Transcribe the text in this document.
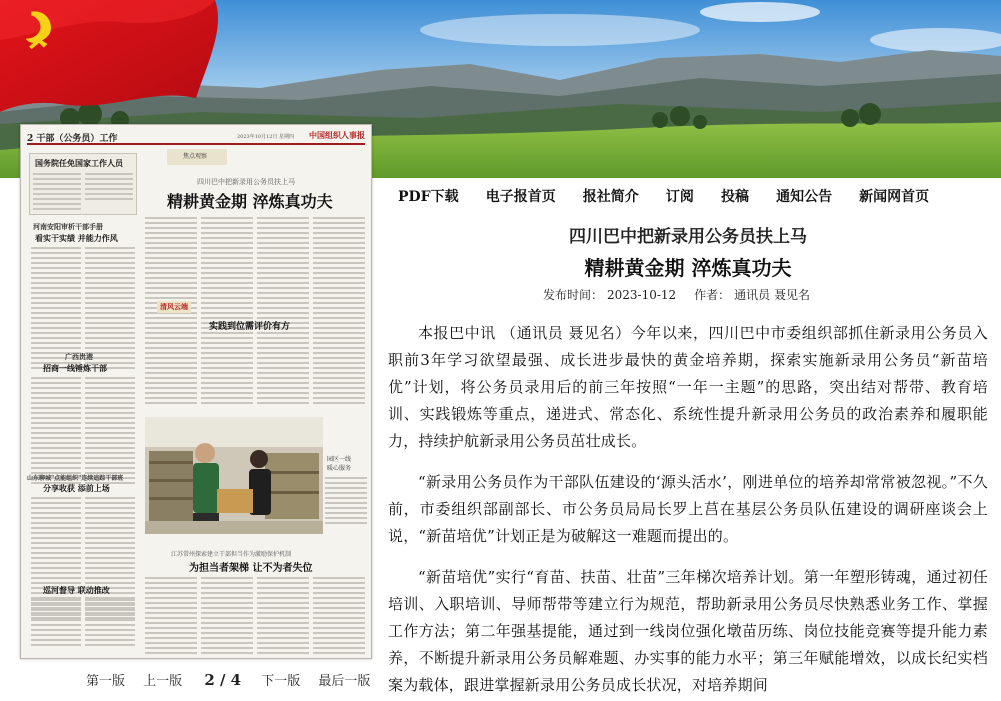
2 干部（公务员）工作	2023年10月12日 星期四 中国组织人事报
国务院任免国家工作人员
河南安阳审析干部手册
看实干实绩 并能力作风
广西贵港
招商一线锤炼干部
山东聊城"点能组织"连续追踪干部班
分享收获 添前上场
巡河督导 联动推改
焦点观察
四川巴中把新录用公务员扶上马
精耕黄金期 淬炼真功夫
清风云端
实践到位需评价有方
园区一线
暖心服务
江苏常州探索建立干部担当作为激励保护机制
为担当者架梯 让不为者失位
第一版 上一版 2 / 4 下一版 最后一版
PDF下载 电子报首页 报社简介 订阅 投稿 通知公告 新闻网首页
四川巴中把新录用公务员扶上马
精耕黄金期 淬炼真功夫
发布时间： 2023-10-12 作者： 通讯员 聂见名

本报巴中讯 （通讯员 聂见名）今年以来，四川巴中市委组织部抓住新录用公务员入职前3年学习欲望最强、成长进步最快的黄金培养期，探索实施新录用公务员“新苗培优”计划，将公务员录用后的前三年按照“一年一主题”的思路，突出结对帮带、教育培训、实践锻炼等重点，递进式、常态化、系统性提升新录用公务员的政治素养和履职能力，持续护航新录用公务员茁壮成长。

“新录用公务员作为干部队伍建设的‘源头活水’，刚进单位的培养却常常被忽视。”不久前，市委组织部副部长、市公务员局局长罗上莒在基层公务员队伍建设的调研座谈会上说，“新苗培优”计划正是为破解这一难题而提出的。

“新苗培优”实行“育苗、扶苗、壮苗”三年梯次培养计划。第一年塑形铸魂，通过初任培训、入职培训、导师帮带等建立行为规范，帮助新录用公务员尽快熟悉业务工作、掌握工作方法；第二年强基提能，通过到一线岗位强化墩苗历练、岗位技能竞赛等提升能力素养，不断提升新录用公务员解难题、办实事的能力水平；第三年赋能增效，以成长纪实档案为载体，跟进掌握新录用公务员成长状况，对培养期间
